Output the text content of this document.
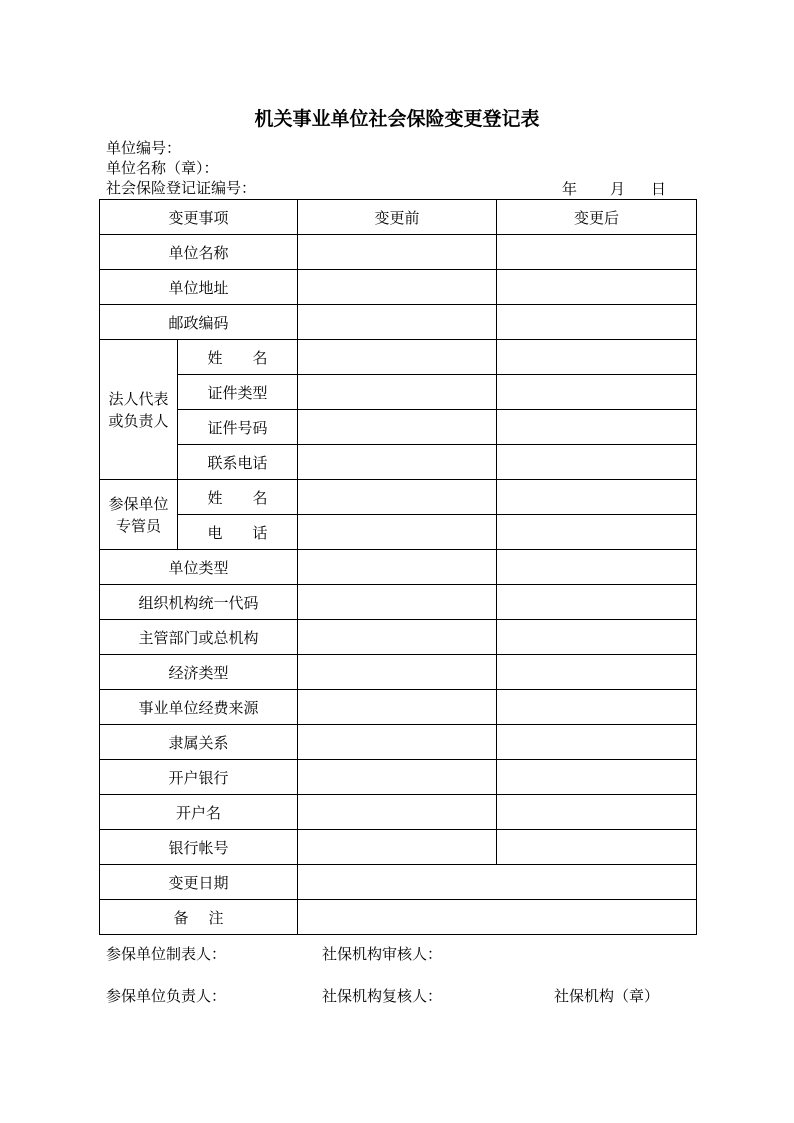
机关事业单位社会保险变更登记表
单位编号：
单位名称（章）：
社会保险登记证编号：	年 月 日
变更事项		变更前	变更后
单位名称			
单位地址			
邮政编码			
法人代表
或负责人	姓 名		
	证件类型		
	证件号码		
	联系电话		
参保单位
专管员	姓 名		
	电 话		
单位类型			
组织机构统一代码			
主管部门或总机构			
经济类型			
事业单位经费来源			
隶属关系			
开户银行			
开户名			
银行帐号			
变更日期			
备 注			
参保单位制表人：	社保机构审核人：
参保单位负责人：	社保机构复核人：	社保机构（章）
